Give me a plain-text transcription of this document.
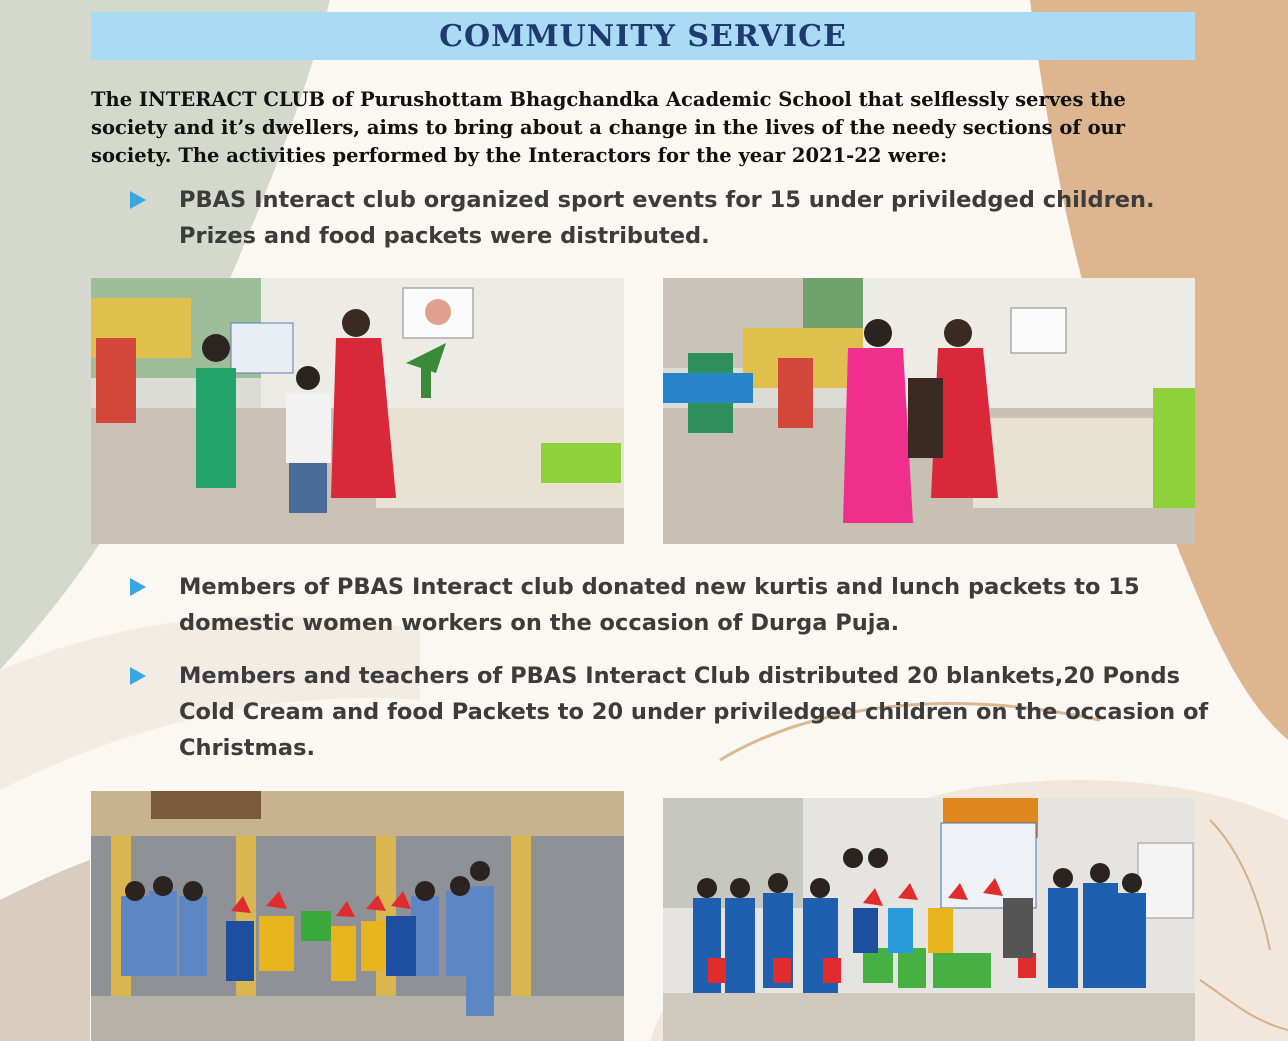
COMMUNITY SERVICE
The INTERACT CLUB of Purushottam Bhagchandka Academic School that selflessly serves the society and it’s dwellers, aims to bring about a change in the lives of the needy sections of our society. The activities performed by the Interactors for the year 2021-22 were:
PBAS Interact club organized sport events for 15 under priviledged children. Prizes and food packets were distributed.
Members of PBAS Interact club donated new kurtis and lunch packets to 15 domestic women workers on the occasion of Durga Puja.
Members and teachers of PBAS Interact Club distributed 20 blankets,20 Ponds Cold Cream and food Packets to 20 under priviledged children on the occasion of Christmas.
